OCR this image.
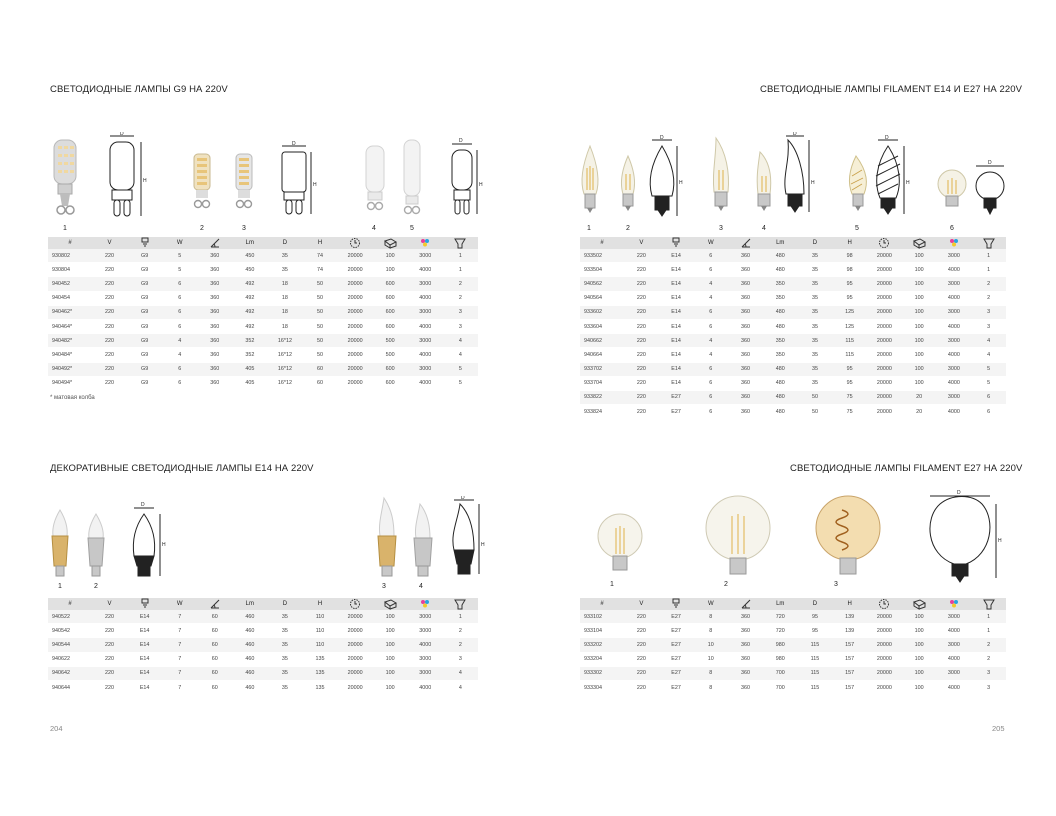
СВЕТОДИОДНЫЕ ЛАМПЫ G9 НА 220V	СВЕТОДИОДНЫЕ ЛАМПЫ FILAMENT E14 И E27 НА 220V
ДЕКОРАТИВНЫЕ СВЕТОДИОДНЫЕ ЛАМПЫ E14 НА 220V	СВЕТОДИОДНЫЕ ЛАМПЫ FILAMENT E27 НА 220V
D
H
D
H
D
H
1	2	3	4	5
D
H
D
H
D
H
D
1	2	3	4	5	6
D
H
D
H
1	2	3	4
D
H
1	2	3
#	V		W		Lm	D	H				
930802	220	G9	5	360	450	35	74	20000	100	3000	1
930804	220	G9	5	360	450	35	74	20000	100	4000	1
940452	220	G9	6	360	492	18	50	20000	600	3000	2
940454	220	G9	6	360	492	18	50	20000	600	4000	2
940462*	220	G9	6	360	492	18	50	20000	600	3000	3
940464*	220	G9	6	360	492	18	50	20000	600	4000	3
940482*	220	G9	4	360	352	16*12	50	20000	500	3000	4
940484*	220	G9	4	360	352	16*12	50	20000	500	4000	4
940492*	220	G9	6	360	405	16*12	60	20000	600	3000	5
940494*	220	G9	6	360	405	16*12	60	20000	600	4000	5
* матовая колба
#	V		W		Lm	D	H				
933502	220	E14	6	360	480	35	98	20000	100	3000	1
933504	220	E14	6	360	480	35	98	20000	100	4000	1
940562	220	E14	4	360	350	35	95	20000	100	3000	2
940564	220	E14	4	360	350	35	95	20000	100	4000	2
933602	220	E14	6	360	480	35	125	20000	100	3000	3
933604	220	E14	6	360	480	35	125	20000	100	4000	3
940662	220	E14	4	360	350	35	115	20000	100	3000	4
940664	220	E14	4	360	350	35	115	20000	100	4000	4
933702	220	E14	6	360	480	35	95	20000	100	3000	5
933704	220	E14	6	360	480	35	95	20000	100	4000	5
933822	220	E27	6	360	480	50	75	20000	20	3000	6
933824	220	E27	6	360	480	50	75	20000	20	4000	6
#	V		W		Lm	D	H				
940522	220	E14	7	60	460	35	110	20000	100	3000	1
940542	220	E14	7	60	460	35	110	20000	100	3000	2
940544	220	E14	7	60	460	35	110	20000	100	4000	2
940622	220	E14	7	60	460	35	135	20000	100	3000	3
940642	220	E14	7	60	460	35	135	20000	100	3000	4
940644	220	E14	7	60	460	35	135	20000	100	4000	4
#	V		W		Lm	D	H				
933102	220	E27	8	360	720	95	139	20000	100	3000	1
933104	220	E27	8	360	720	95	139	20000	100	4000	1
933202	220	E27	10	360	980	115	157	20000	100	3000	2
933204	220	E27	10	360	980	115	157	20000	100	4000	2
933302	220	E27	8	360	700	115	157	20000	100	3000	3
933304	220	E27	8	360	700	115	157	20000	100	4000	3
204	205
